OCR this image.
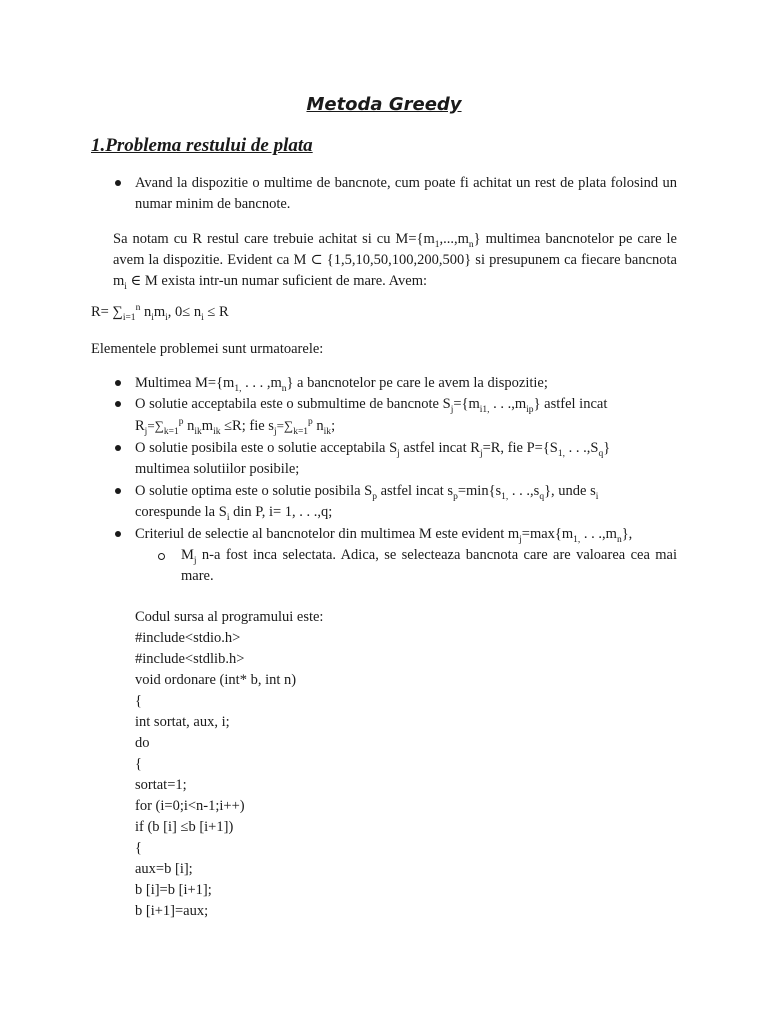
Metoda Greedy
1.Problema restului de plata
Avand la dispozitie o multime de bancnote, cum poate fi achitat un rest de plata folosind un numar minim de bancnote.
Sa notam cu R restul care trebuie achitat si cu $M=\{m_1,...,m_n\}$ multimea bancnotelor pe care le avem la dispozitie. Evident ca M ⊂ {1,5,10,50,100,200,500} si presupunem ca fiecare bancnota $m_i$ ∈ M exista intr-un numar suficient de mare. Avem:
$R= \sum_{i=1}^n$ $n_im_i$, $0\le n_i \le R$
Elementele problemei sunt urmatoarele:
Multimea $M=\{m_{1,}$ . . . $,m_n$} a bancnotelor pe care le avem la dispozitie;
O solutie acceptabila este o submultime de bancnote $S_j=\{m_{i1,}$ . . $.,m_{ip}$} astfel incat
$R_j=\sum_{k=1}^p$ $n_{ik}m_{ik} \le R$; fie $s_j=\sum_{k=1}^p$ $n_{ik}$;
O solutie posibila este o solutie acceptabila $S_j$ astfel incat $R_j=R$, fie $P=\{S_{1,}$ . . $.,S_q$}
multimea solutiilor posibile;
O solutie optima este o solutie posibila $S_p$ astfel incat $s_p=\min\{s_{1,}$ . . $.,s_q$}, unde $s_i$
corespunde la $S_i$ din P, i= 1, . . .,q;
Criteriul de selectie al bancnotelor din multimea M este evident $m_j=\max\{m_{1,}$ . . $.,m_n$},
$M_j$ n-a fost inca selectata. Adica, se selecteaza bancnota care are valoarea cea mai mare.
Codul sursa al programului este:
#include<stdio.h>
#include<stdlib.h>
void ordonare (int* b, int n)
{
int sortat, aux, i;
do
{
sortat=1;
for (i=0;i<n-1;i++)
if (b [i] ≤b [i+1])
{
aux=b [i];
b [i]=b [i+1];
b [i+1]=aux;
